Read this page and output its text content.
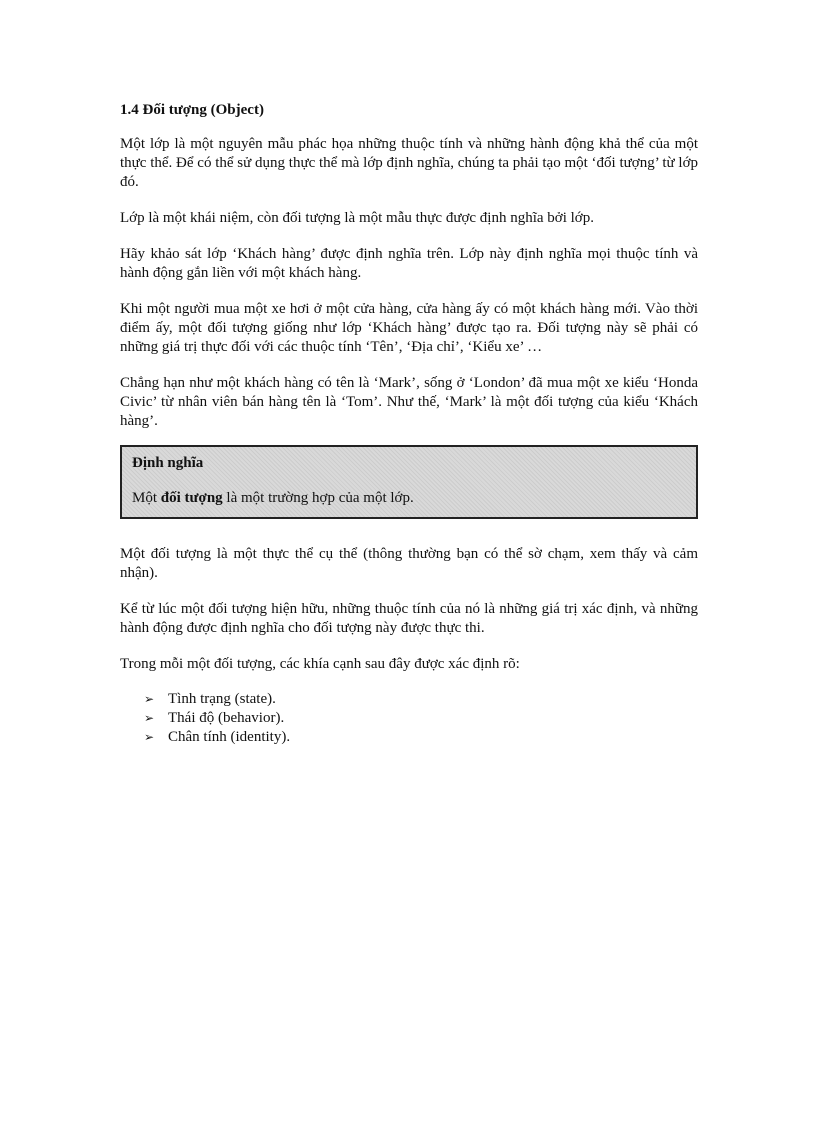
1.4 Đối tượng (Object)

Một lớp là một nguyên mẫu phác họa những thuộc tính và những hành động khả thể của một thực thể. Để có thể sử dụng thực thể mà lớp định nghĩa, chúng ta phải tạo một ‘đối tượng’ từ lớp đó.

Lớp là một khái niệm, còn đối tượng là một mẫu thực được định nghĩa bởi lớp.

Hãy khảo sát lớp ‘Khách hàng’ được định nghĩa trên. Lớp này định nghĩa mọi thuộc tính và hành động gắn liền với một khách hàng.

Khi một người mua một xe hơi ở một cửa hàng, cửa hàng ấy có một khách hàng mới. Vào thời điểm ấy, một đối tượng giống như lớp ‘Khách hàng’ được tạo ra. Đối tượng này sẽ phải có những giá trị thực đối với các thuộc tính ‘Tên’, ‘Địa chỉ’, ‘Kiểu xe’ …

Chẳng hạn như một khách hàng có tên là ‘Mark’, sống ở ‘London’ đã mua một xe kiểu ‘Honda Civic’ từ nhân viên bán hàng tên là ‘Tom’. Như thế, ‘Mark’ là một đối tượng của kiểu ‘Khách hàng’.

Định nghĩa

Một đối tượng là một trường hợp của một lớp.

Một đối tượng là một thực thể cụ thể (thông thường bạn có thể sờ chạm, xem thấy và cảm nhận).

Kể từ lúc một đối tượng hiện hữu, những thuộc tính của nó là những giá trị xác định, và những hành động được định nghĩa cho đối tượng này được thực thi.

Trong mỗi một đối tượng, các khía cạnh sau đây được xác định rõ:

➢ Tình trạng (state).
➢ Thái độ (behavior).
➢ Chân tính (identity).
